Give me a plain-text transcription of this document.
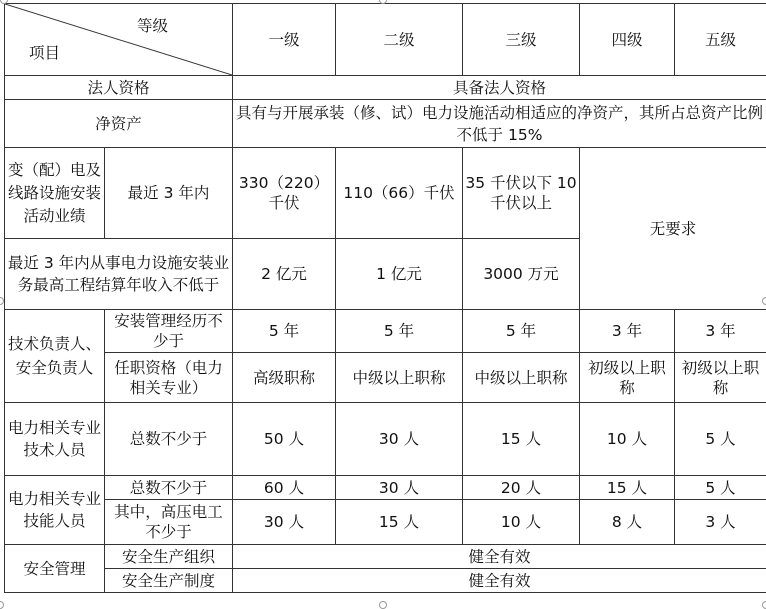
等级
项目		一级	二级	三级	四级	五级
法人资格		具备法人资格				
净资产		具有与开展承装（修、试）电力设施活动相适应的净资产，其所占总资产比例不低于 15%				
变（配）电及线路设施安装活动业绩	最近 3 年内	330（220）千伏	110（66）千伏	35 千伏以下 10 千伏以上	无要求	
最近 3 年内从事电力设施安装业务最高工程结算年收入不低于		2 亿元	1 亿元	3000 万元		
技术负责人、安全负责人	安装管理经历不少于	5 年	5 年	5 年	3 年	3 年
	任职资格（电力相关专业）	高级职称	中级以上职称	中级以上职称	初级以上职称	初级以上职称
电力相关专业技术人员	总数不少于	50 人	30 人	15 人	10 人	5 人
电力相关专业技能人员	总数不少于	60 人	30 人	20 人	15 人	5 人
	其中，高压电工不少于	30 人	15 人	10 人	8 人	3 人
安全管理	安全生产组织	健全有效				
	安全生产制度	健全有效				
